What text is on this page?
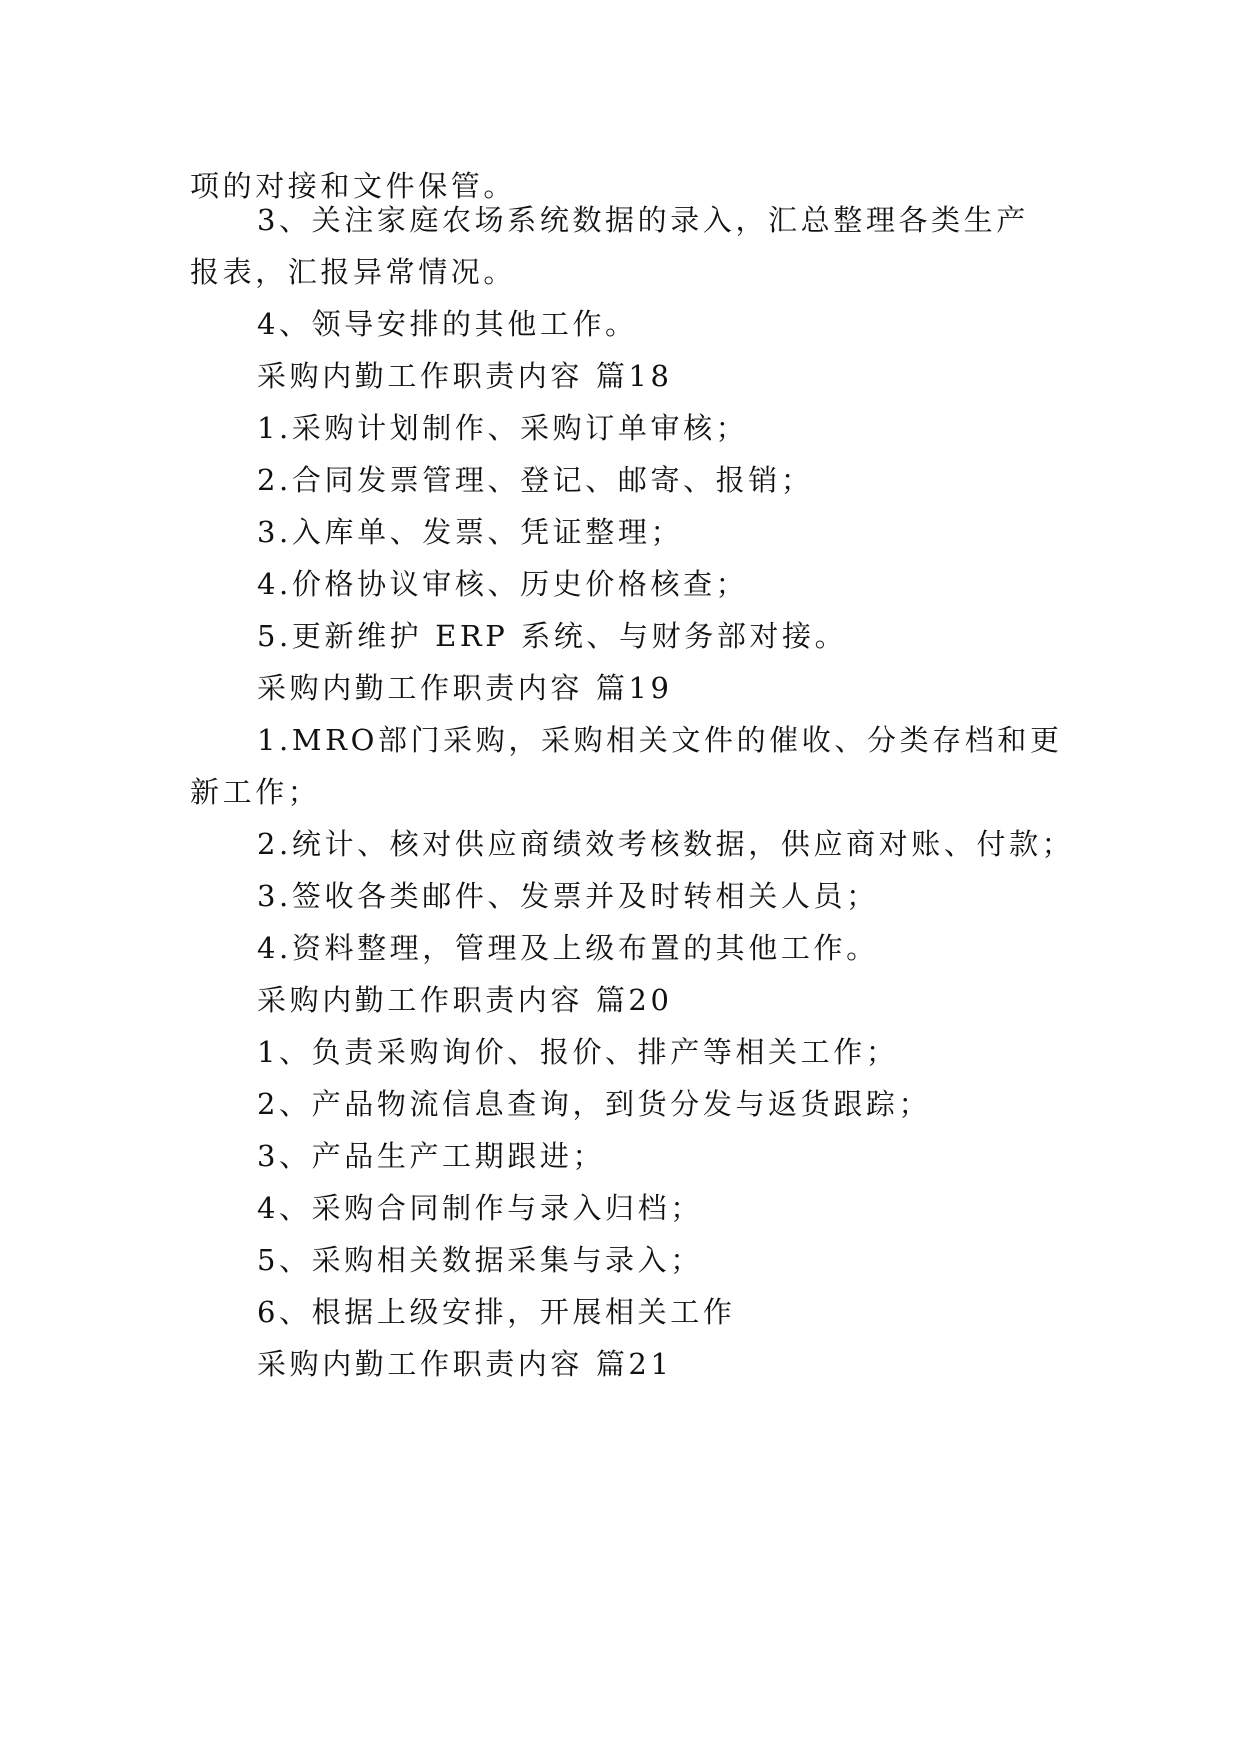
项的对接和文件保管。
3、关注家庭农场系统数据的录入，汇总整理各类生产
报表，汇报异常情况。
4、领导安排的其他工作。
采购内勤工作职责内容 篇18
1.采购计划制作、采购订单审核；
2.合同发票管理、登记、邮寄、报销；
3.入库单、发票、凭证整理；
4.价格协议审核、历史价格核查；
5.更新维护 ERP 系统、与财务部对接。
采购内勤工作职责内容 篇19
1.MRO部门采购，采购相关文件的催收、分类存档和更
新工作；
2.统计、核对供应商绩效考核数据，供应商对账、付款；
3.签收各类邮件、发票并及时转相关人员；
4.资料整理，管理及上级布置的其他工作。
采购内勤工作职责内容 篇20
1、负责采购询价、报价、排产等相关工作；
2、产品物流信息查询，到货分发与返货跟踪；
3、产品生产工期跟进；
4、采购合同制作与录入归档；
5、采购相关数据采集与录入；
6、根据上级安排，开展相关工作
采购内勤工作职责内容 篇21
